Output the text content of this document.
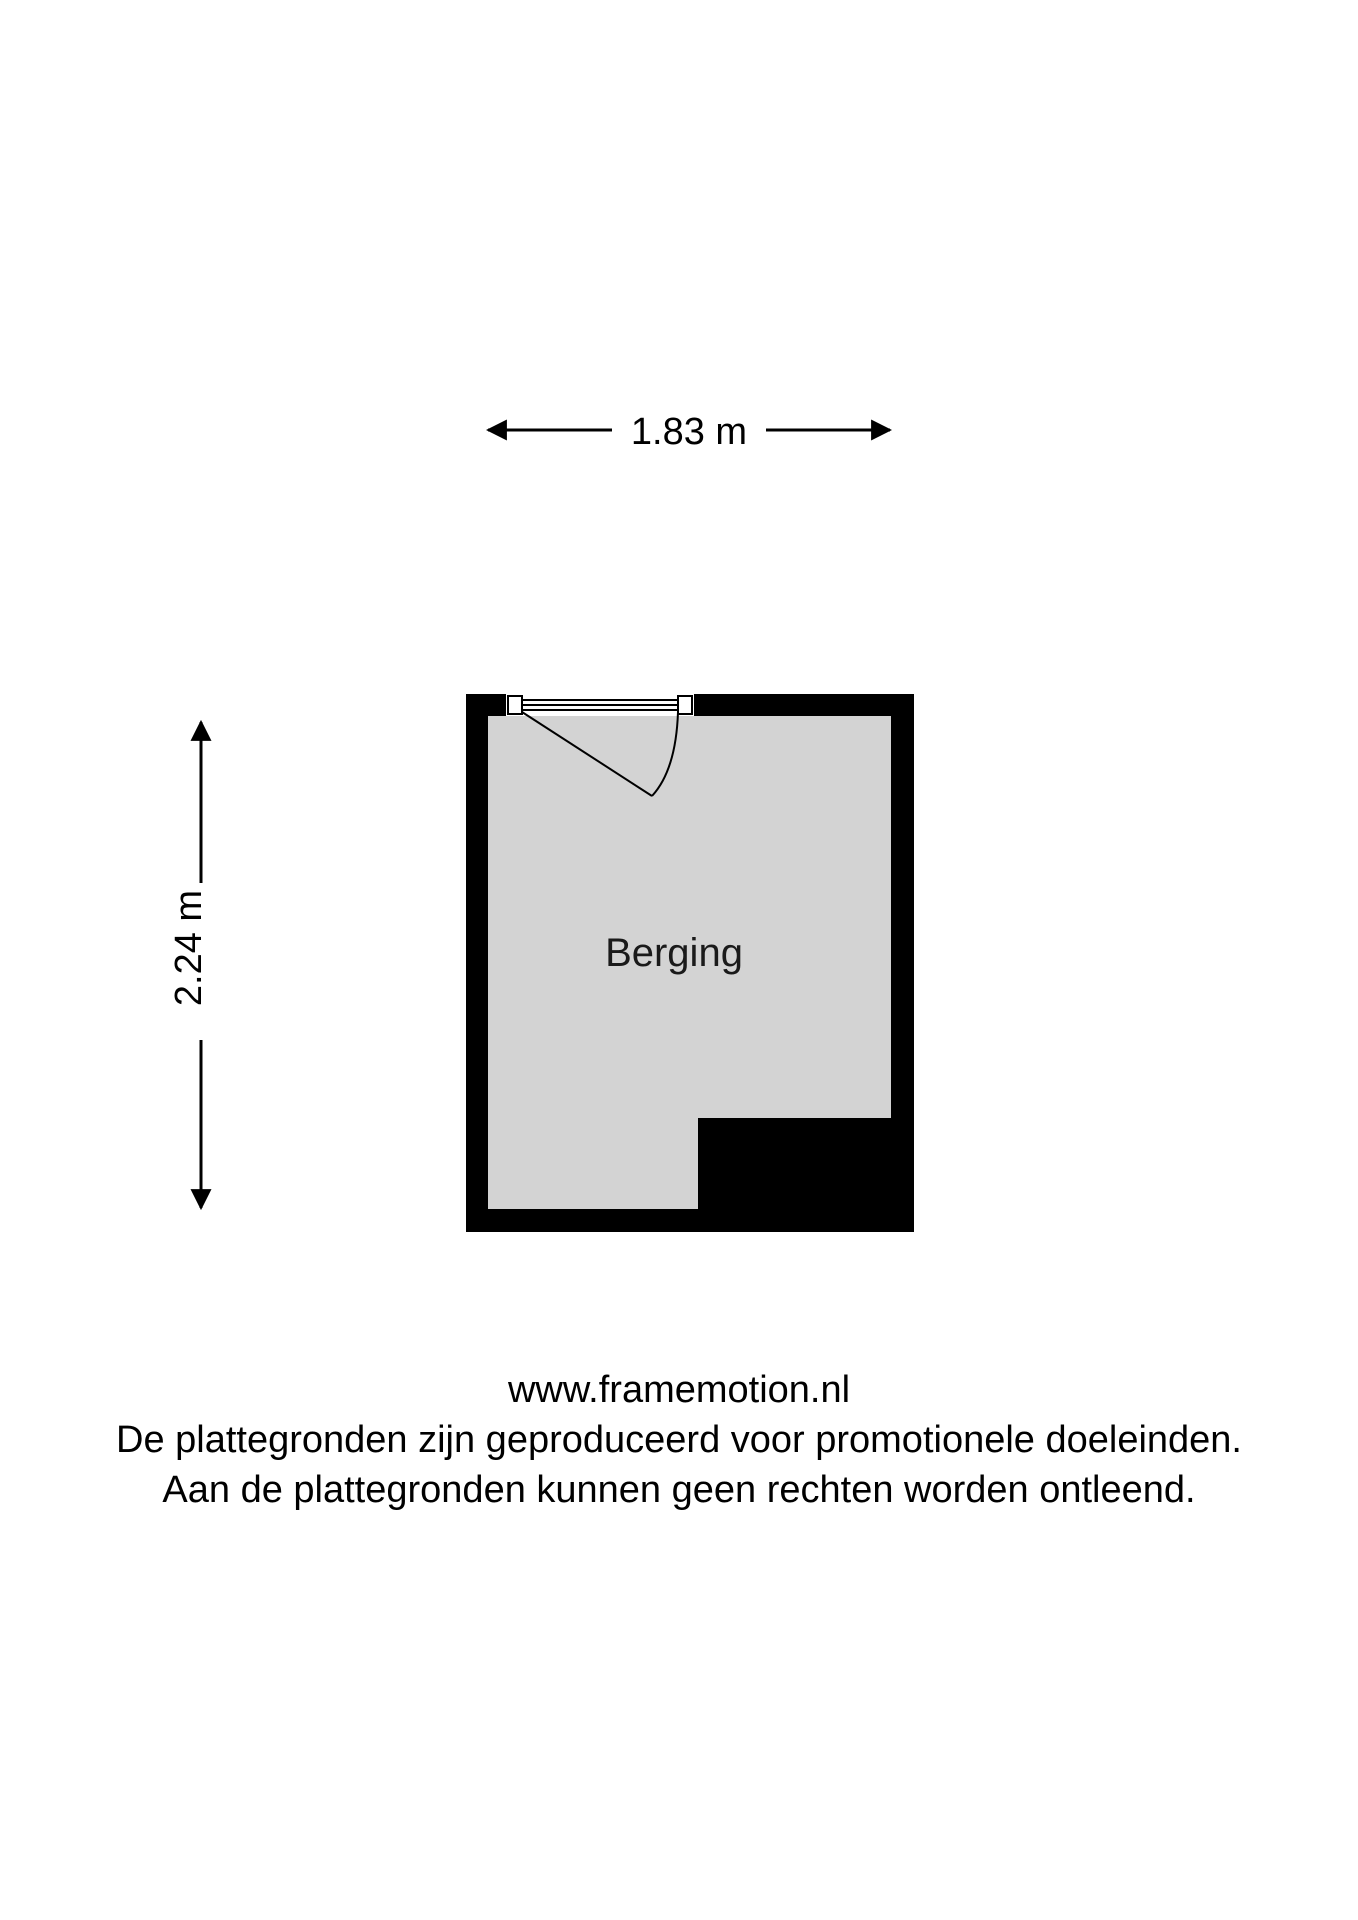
1.83 m
2.24 m	Berging
www.framemotion.nl
De plattegronden zijn geproduceerd voor promotionele doeleinden.
Aan de plattegronden kunnen geen rechten worden ontleend.
